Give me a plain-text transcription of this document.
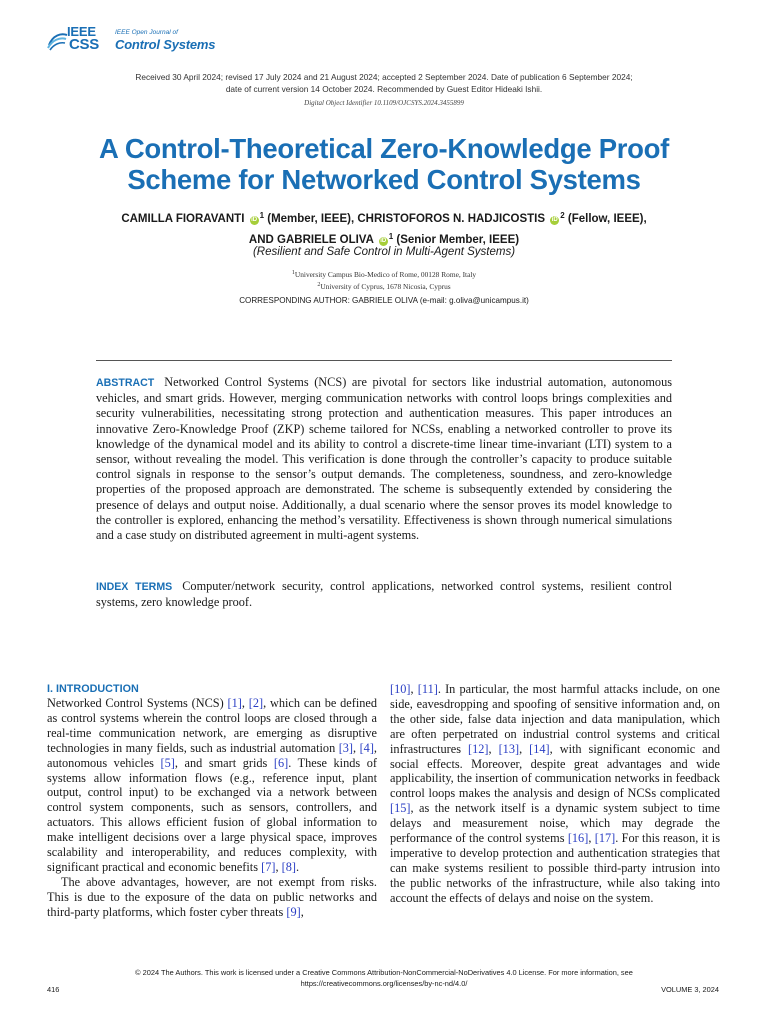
IEEE
CSS
IEEE Open Journal of
Control Systems
Received 30 April 2024; revised 17 July 2024 and 21 August 2024; accepted 2 September 2024. Date of publication 6 September 2024;
date of current version 14 October 2024. Recommended by Guest Editor Hideaki Ishii.
Digital Object Identifier 10.1109/OJCSYS.2024.3455899
A Control-Theoretical Zero-Knowledge Proof
Scheme for Networked Control Systems
CAMILLA FIORAVANTI iD $^1$ (Member, IEEE), CHRISTOFOROS N. HADJICOSTIS iD $^2$ (Fellow, IEEE),
AND GABRIELE OLIVA iD $^1$ (Senior Member, IEEE)
(Resilient and Safe Control in Multi-Agent Systems)
$^1$University Campus Bio-Medico of Rome, 00128 Rome, Italy
$^2$University of Cyprus, 1678 Nicosia, Cyprus
CORRESPONDING AUTHOR: GABRIELE OLIVA (e-mail: g.oliva@unicampus.it)
ABSTRACT Networked Control Systems (NCS) are pivotal for sectors like industrial automation, autonomous vehicles, and smart grids. However, merging communication networks with control loops brings complexities and security vulnerabilities, necessitating strong protection and authentication measures. This paper introduces an innovative Zero-Knowledge Proof (ZKP) scheme tailored for NCSs, enabling a networked controller to prove its knowledge of the dynamical model and its ability to control a discrete-time linear time-invariant (LTI) system to a sensor, without revealing the model. This verification is done through the controller’s capacity to produce suitable control signals in response to the sensor’s output demands. The completeness, soundness, and zero-knowledge properties of the proposed approach are demonstrated. The scheme is subsequently extended by considering the presence of delays and output noise. Additionally, a dual scenario where the sensor proves its model knowledge to the controller is explored, enhancing the method’s versatility. Effectiveness is shown through numerical simulations and a case study on distributed agreement in multi-agent systems.
INDEX TERMS Computer/network security, control applications, networked control systems, resilient control systems, zero knowledge proof.
I. INTRODUCTION

Networked Control Systems (NCS) [1], [2], which can be defined as control systems wherein the control loops are closed through a real-time communication network, are emerging as disruptive technologies in many fields, such as industrial automation [3], [4], autonomous vehicles [5], and smart grids [6]. These kinds of systems allow information flows (e.g., reference input, plant output, control input) to be exchanged via a network between control system components, such as sensors, controllers, and actuators. This allows efficient fusion of global information to make intelligent decisions over a large physical space, improves scalability and interoperability, and reduces complexity, with significant practical and economic benefits [7], [8].

The above advantages, however, are not exempt from risks. This is due to the exposure of the data on public networks and third-party platforms, which foster cyber threats [9],

[10], [11]. In particular, the most harmful attacks include, on one side, eavesdropping and spoofing of sensitive information and, on the other side, false data injection and data manipulation, which are often perpetrated on industrial control systems and critical infrastructures [12], [13], [14], with significant economic and social effects. Moreover, despite great advantages and wide applicability, the insertion of communication networks in feedback control loops makes the analysis and design of NCSs complicated [15], as the network itself is a dynamic system subject to time delays and measurement noise, which may degrade the performance of the control systems [16], [17]. For this reason, it is imperative to develop protection and authentication strategies that can make systems resilient to possible third-party intrusion into the public networks of the infrastructure, while also taking into account the effects of delays and noise on the system.

© 2024 The Authors. This work is licensed under a Creative Commons Attribution-NonCommercial-NoDerivatives 4.0 License. For more information, see
https://creativecommons.org/licenses/by-nc-nd/4.0/
416	VOLUME 3, 2024
